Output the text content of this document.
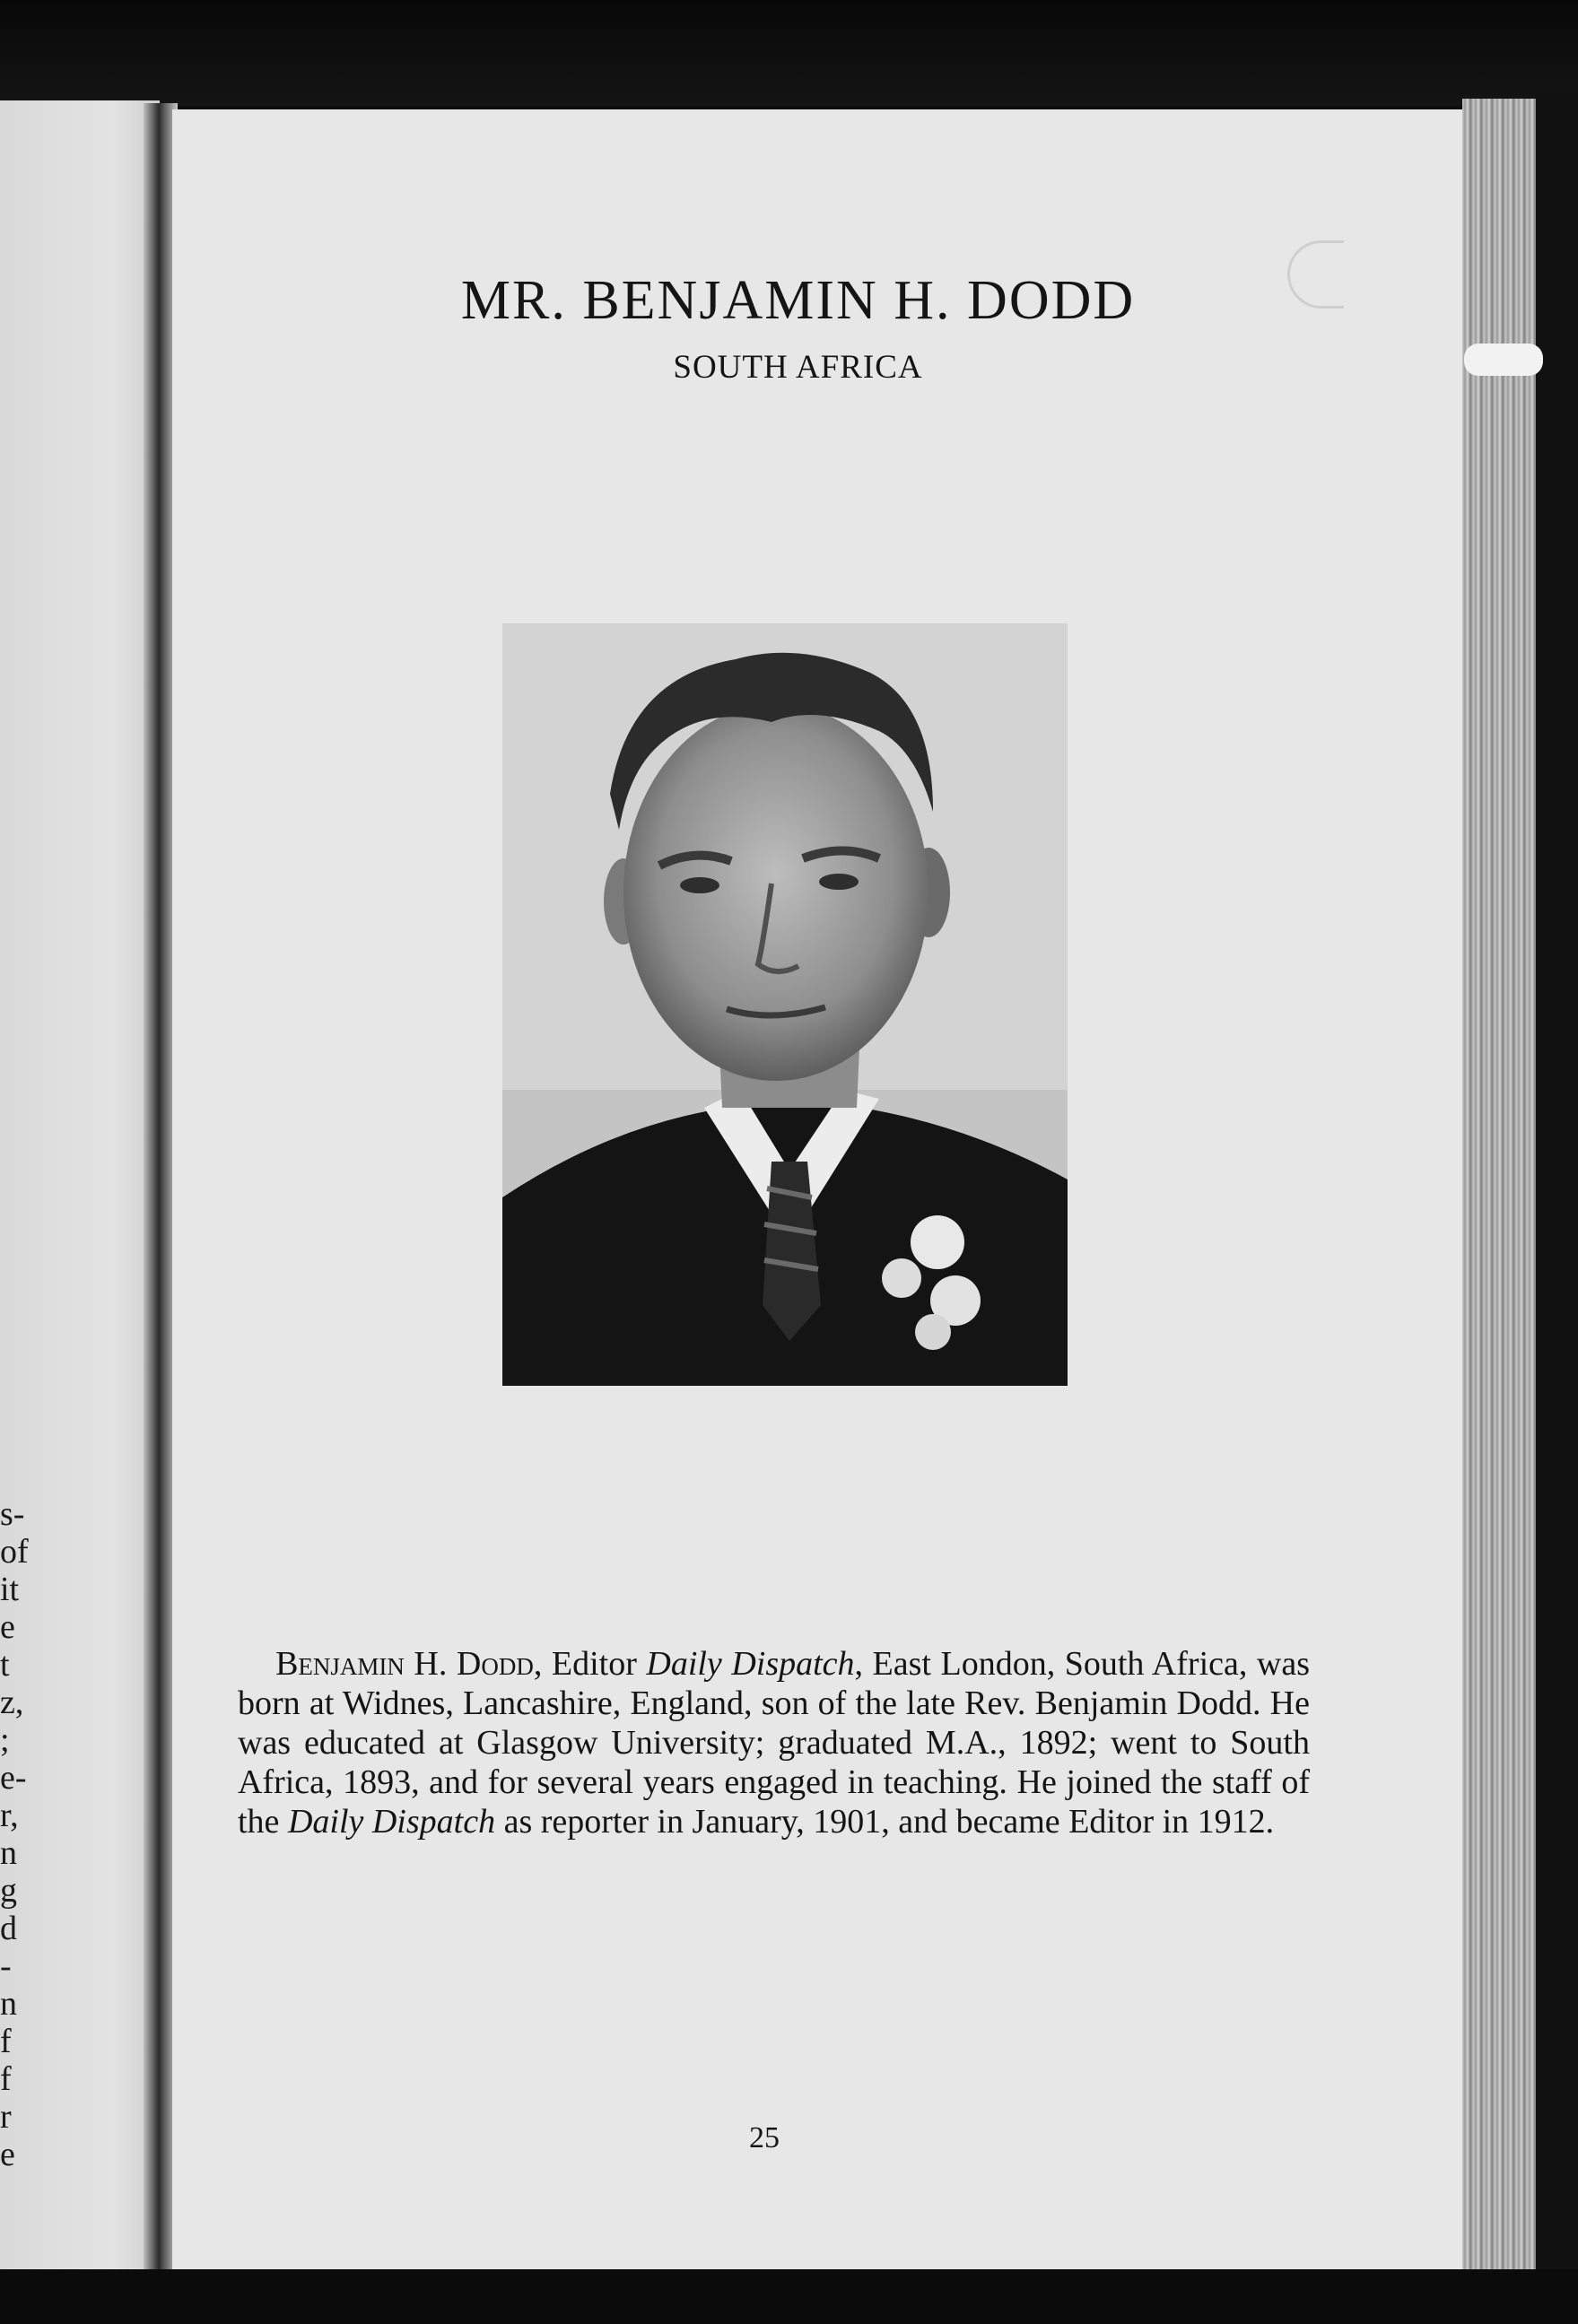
s-
of
it
e
t
z,
;
e-
r,
n
g
d
-
n
f
f
r
e
MR. BENJAMIN H. DODD
SOUTH AFRICA

Benjamin H. Dodd, Editor Daily Dispatch, East London, South Africa, was born at Widnes, Lancashire, England, son of the late Rev. Benjamin Dodd. He was educated at Glasgow University; graduated M.A., 1892; went to South Africa, 1893, and for several years engaged in teaching. He joined the staff of the Daily Dispatch as reporter in January, 1901, and became Editor in 1912.

25
